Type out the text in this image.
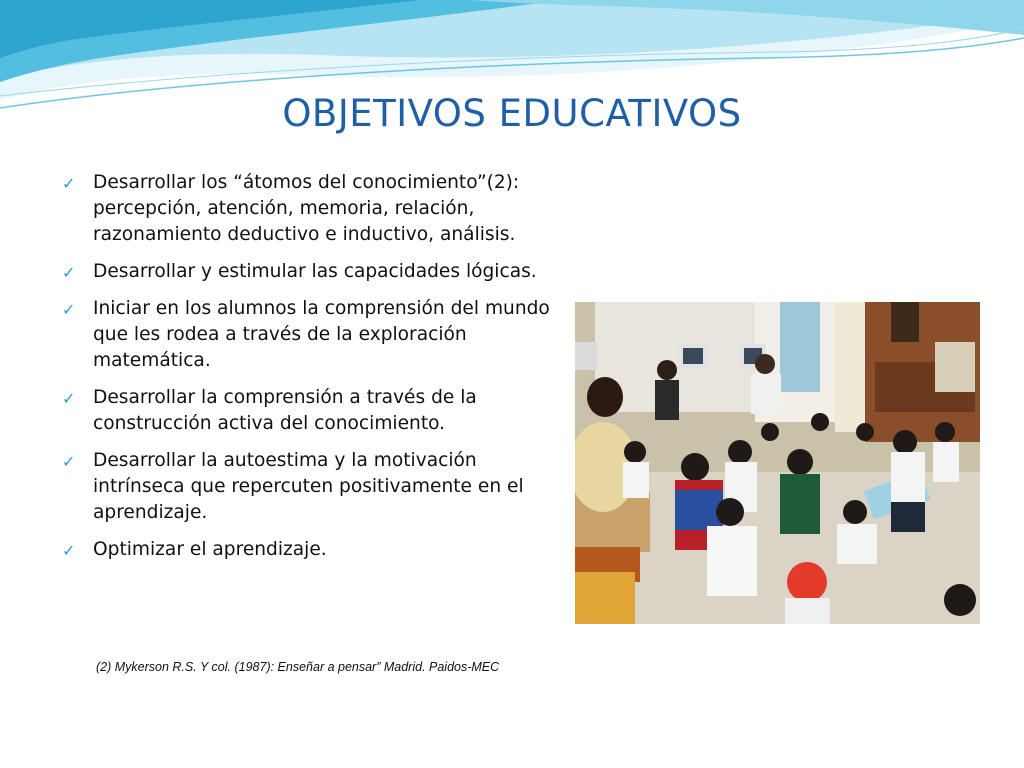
OBJETIVOS EDUCATIVOS
✓ Desarrollar los “átomos del conocimiento”(2): percepción, atención, memoria, relación, razonamiento deductivo e inductivo, análisis.
✓ Desarrollar y estimular las capacidades lógicas.
✓ Iniciar en los alumnos la comprensión del mundo que les rodea a través de la exploración matemática.
✓ Desarrollar la comprensión a través de la construcción activa del conocimiento.
✓ Desarrollar la autoestima y la motivación intrínseca que repercuten positivamente en el aprendizaje.
✓ Optimizar el aprendizaje.
(2) Mykerson R.S. Y col. (1987): Enseñar a pensar” Madrid. Paidos-MEC
